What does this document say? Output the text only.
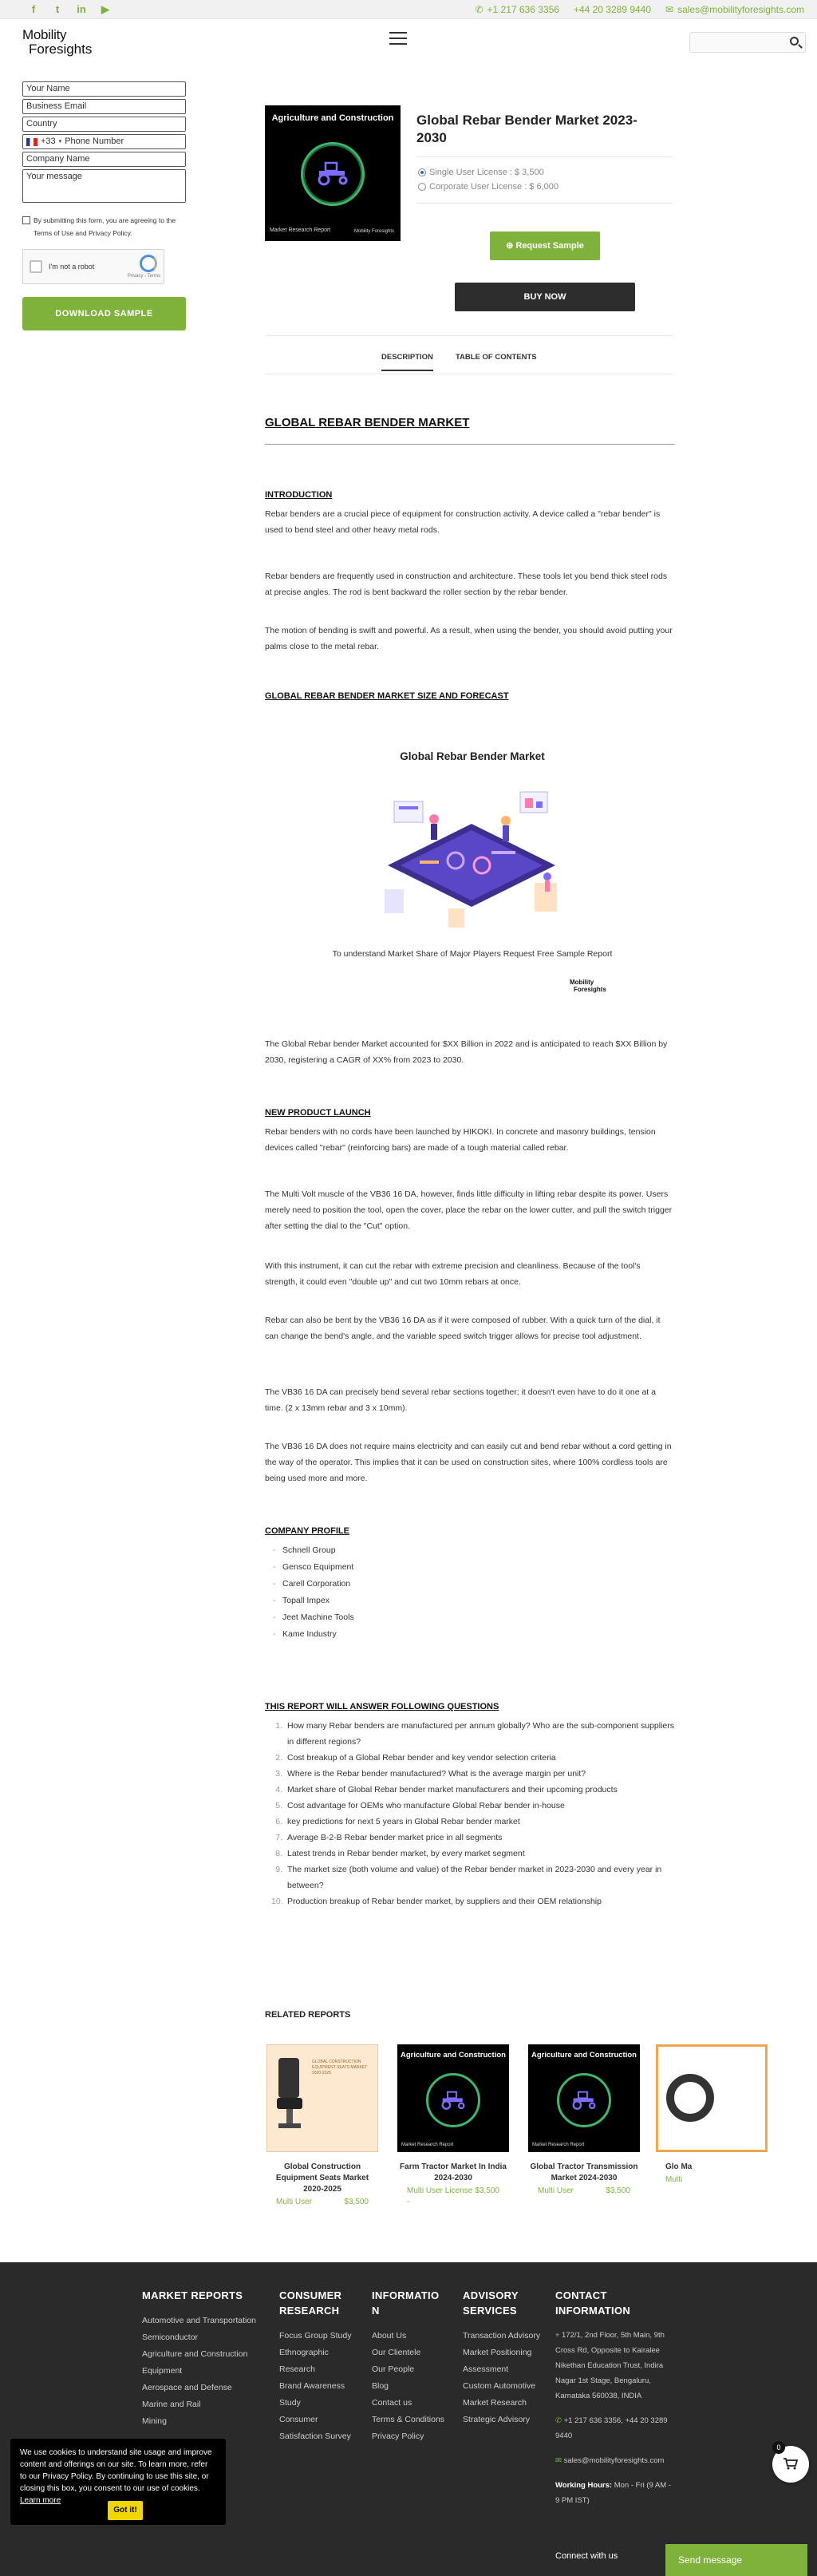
f	t	in ▶	✆ +1 217 636 3356 +44 20 3289 9440 ✉ sales@mobilityforesights.com
Mobility
Foresights
Your Name
Business Email
Country
+33 ▾ Phone Number
Company Name
Your message
By submitting this form, you are agreeing to the Terms of Use and Privacy Policy.
I'm not a robot
Privacy - Terms
DOWNLOAD SAMPLE
Agriculture and Construction
Market Research Report	Mobility Foresights
Global Rebar Bender Market 2023-2030
Single User License : $ 3,500
Corporate User License : $ 6,000
⊕ Request Sample
BUY NOW
DESCRIPTION	TABLE OF CONTENTS
GLOBAL REBAR BENDER MARKET
INTRODUCTION

Rebar benders are a crucial piece of equipment for construction activity. A device called a "rebar bender" is used to bend steel and other heavy metal rods.

Rebar benders are frequently used in construction and architecture. These tools let you bend thick steel rods at precise angles. The rod is bent backward the roller section by the rebar bender.

The motion of bending is swift and powerful. As a result, when using the bender, you should avoid putting your palms close to the metal rebar.

GLOBAL REBAR BENDER MARKET SIZE AND FORECAST
Global Rebar Bender Market
To understand Market Share of Major Players Request Free Sample Report
Mobility
Foresights

The Global Rebar bender Market accounted for $XX Billion in 2022 and is anticipated to reach $XX Billion by 2030, registering a CAGR of XX% from 2023 to 2030.

NEW PRODUCT LAUNCH

Rebar benders with no cords have been launched by HIKOKI. In concrete and masonry buildings, tension devices called "rebar" (reinforcing bars) are made of a tough material called rebar.

The Multi Volt muscle of the VB36 16 DA, however, finds little difficulty in lifting rebar despite its power. Users merely need to position the tool, open the cover, place the rebar on the lower cutter, and pull the switch trigger after setting the dial to the "Cut" option.

With this instrument, it can cut the rebar with extreme precision and cleanliness. Because of the tool's strength, it could even "double up" and cut two 10mm rebars at once.

Rebar can also be bent by the VB36 16 DA as if it were composed of rubber. With a quick turn of the dial, it can change the bend's angle, and the variable speed switch trigger allows for precise tool adjustment.

The VB36 16 DA can precisely bend several rebar sections together; it doesn't even have to do it one at a time. (2 x 13mm rebar and 3 x 10mm).

The VB36 16 DA does not require mains electricity and can easily cut and bend rebar without a cord getting in the way of the operator. This implies that it can be used on construction sites, where 100% cordless tools are being used more and more.

COMPANY PROFILE
- Schnell Group
- Gensco Equipment
- Carell Corporation
- Topall Impex
- Jeet Machine Tools
- Kame Industry
THIS REPORT WILL ANSWER FOLLOWING QUESTIONS
1. How many Rebar benders are manufactured per annum globally? Who are the sub-component suppliers in different regions?
2. Cost breakup of a Global Rebar bender and key vendor selection criteria
3. Where is the Rebar bender manufactured? What is the average margin per unit?
4. Market share of Global Rebar bender market manufacturers and their upcoming products
5. Cost advantage for OEMs who manufacture Global Rebar bender in-house
6. key predictions for next 5 years in Global Rebar bender market
7. Average B-2-B Rebar bender market price in all segments
8. Latest trends in Rebar bender market, by every market segment
9. The market size (both volume and value) of the Rebar bender market in 2023-2030 and every year in between?
10. Production breakup of Rebar bender market, by suppliers and their OEM relationship
RELATED REPORTS
GLOBAL CONSTRUCTION EQUIPMENT SEATS MARKET 2020-2025
Global Construction Equipment Seats Market 2020-2025
Multi User	$3,500
Agriculture and Construction
Market Research Report
Farm Tractor Market In India 2024-2030
Multi User License -
$3,500
Agriculture and Construction
Market Research Report
Global Tractor Transmission Market 2024-2030
Multi User	$3,500
Glo Ma
Multi
MARKET REPORTS
Automotive and Transportation
Semiconductor
Agriculture and Construction Equipment
Aerospace and Defense
Marine and Rail
Mining
CONSUMER RESEARCH
Focus Group Study
Ethnographic Research
Brand Awareness Study
Consumer Satisfaction Survey
INFORMATION
About Us
Our Clientele
Our People
Blog
Contact us
Terms & Conditions
Privacy Policy
ADVISORY SERVICES
Transaction Advisory
Market Positioning Assessment
Custom Automotive Market Research
Strategic Advisory
CONTACT INFORMATION
⌖ 172/1, 2nd Floor, 5th Main, 9th Cross Rd, Opposite to Kairalee Nikethan Education Trust, Indira Nagar 1st Stage, Bengaluru, Karnataka 560038, INDIA
✆ +1 217 636 3356, +44 20 3289 9440
✉ sales@mobilityforesights.com
Working Hours: Mon - Fri (9 AM - 9 PM IST)
Connect with us
We use cookies to understand site usage and improve content and offerings on our site. To learn more, refer to our Privacy Policy. By continuing to use this site, or closing this box, you consent to our use of cookies. Learn more
Got it!
0
Send message
